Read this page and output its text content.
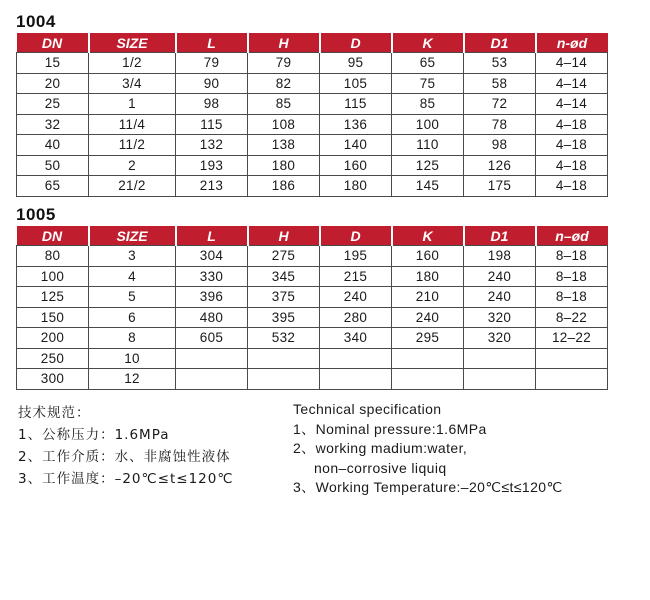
1004
DN	SIZE	L	H	D	K	D1	n-ød
15	1/2	79	79	95	65	53	4–14
20	3/4	90	82	105	75	58	4–14
25	1	98	85	115	85	72	4–14
32	11/4	115	108	136	100	78	4–18
40	11/2	132	138	140	110	98	4–18
50	2	193	180	160	125	126	4–18
65	21/2	213	186	180	145	175	4–18
1005
DN	SIZE	L	H	D	K	D1	n–ød
80	3	304	275	195	160	198	8–18
100	4	330	345	215	180	240	8–18
125	5	396	375	240	210	240	8–18
150	6	480	395	280	240	320	8–22
200	8	605	532	340	295	320	12–22
250	10						
300	12						
技术规范：
1、公称压力：1.6MPa
2、工作介质：水、非腐蚀性液体
3、工作温度：–20℃≤t≤120℃
Technical specification
1、Nominal pressure:1.6MPa
2、working madium:water,
non–corrosive liquiq
3、Working Temperature:–20℃≤t≤120℃
